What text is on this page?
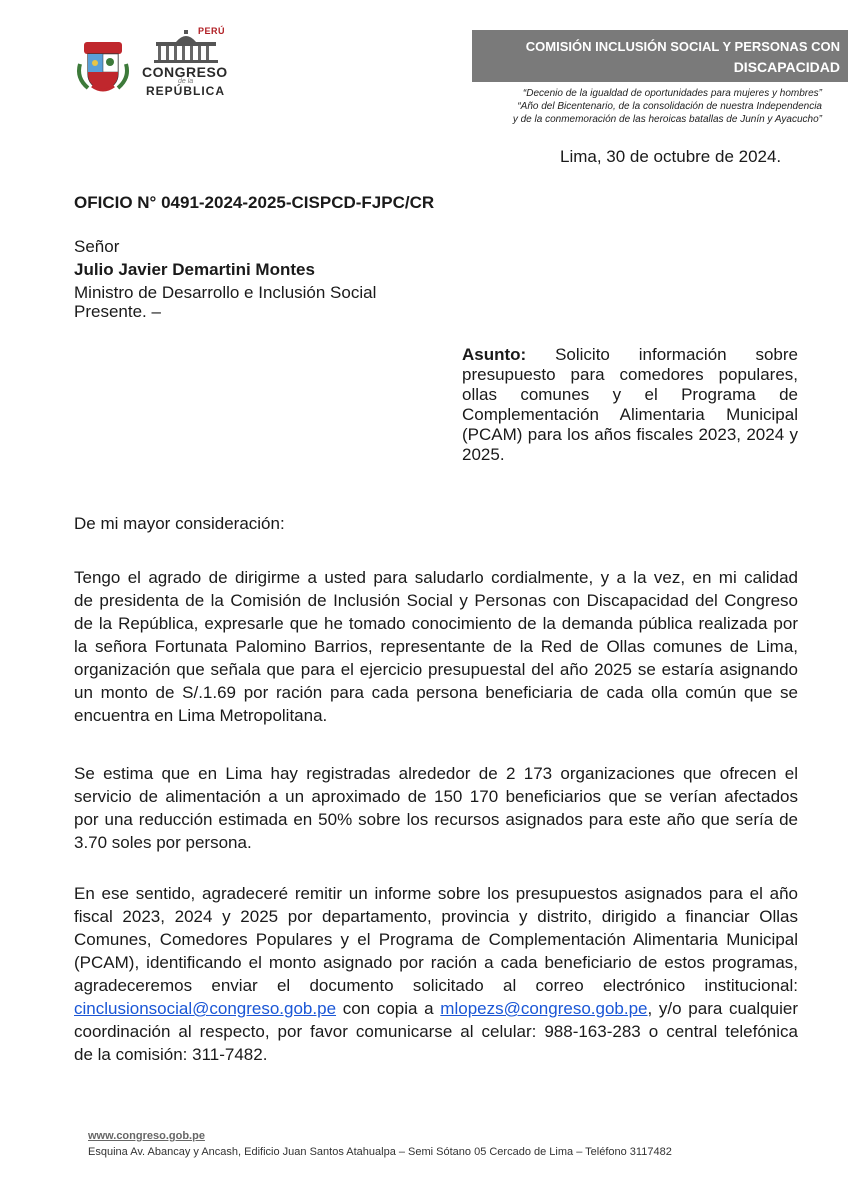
PERÚ
CONGRESO
de la
REPÚBLICA
COMISIÓN INCLUSIÓN SOCIAL Y PERSONAS CON
DISCAPACIDAD
“Decenio de la igualdad de oportunidades para mujeres y hombres”
“Año del Bicentenario, de la consolidación de nuestra Independencia
y de la conmemoración de las heroicas batallas de Junín y Ayacucho”
Lima, 30 de octubre de 2024.
OFICIO N° 0491-2024-2025-CISPCD-FJPC/CR
Señor
Julio Javier Demartini Montes
Ministro de Desarrollo e Inclusión Social
Presente. –
Asunto: Solicito información sobre presupuesto para comedores populares, ollas comunes y el Programa de Complementación Alimentaria Municipal (PCAM) para los años fiscales 2023, 2024 y 2025.
De mi mayor consideración:
Tengo el agrado de dirigirme a usted para saludarlo cordialmente, y a la vez, en mi calidad
de presidenta de la Comisión de Inclusión Social y Personas con Discapacidad del Congreso
de la República, expresarle que he tomado conocimiento de la demanda pública realizada por
la señora Fortunata Palomino Barrios, representante de la Red de Ollas comunes de Lima,
organización que señala que para el ejercicio presupuestal del año 2025 se estaría asignando
un monto de S/.1.69 por ración para cada persona beneficiaria de cada olla común que se
encuentra en Lima Metropolitana.
Se estima que en Lima hay registradas alrededor de 2 173 organizaciones que ofrecen el
servicio de alimentación a un aproximado de 150 170 beneficiarios que se verían afectados
por una reducción estimada en 50% sobre los recursos asignados para este año que sería de
3.70 soles por persona.
En ese sentido, agradeceré remitir un informe sobre los presupuestos asignados para el año
fiscal 2023, 2024 y 2025 por departamento, provincia y distrito, dirigido a financiar Ollas
Comunes, Comedores Populares y el Programa de Complementación Alimentaria Municipal
(PCAM), identificando el monto asignado por ración a cada beneficiario de estos programas,
agradeceremos enviar el documento solicitado al correo electrónico institucional:
cinclusionsocial@congreso.gob.pe con copia a mlopezs@congreso.gob.pe, y/o para cualquier
coordinación al respecto, por favor comunicarse al celular: 988-163-283 o central telefónica
de la comisión: 311-7482.
www.congreso.gob.pe
Esquina Av. Abancay y Ancash, Edificio Juan Santos Atahualpa – Semi Sótano 05 Cercado de Lima – Teléfono 3117482
